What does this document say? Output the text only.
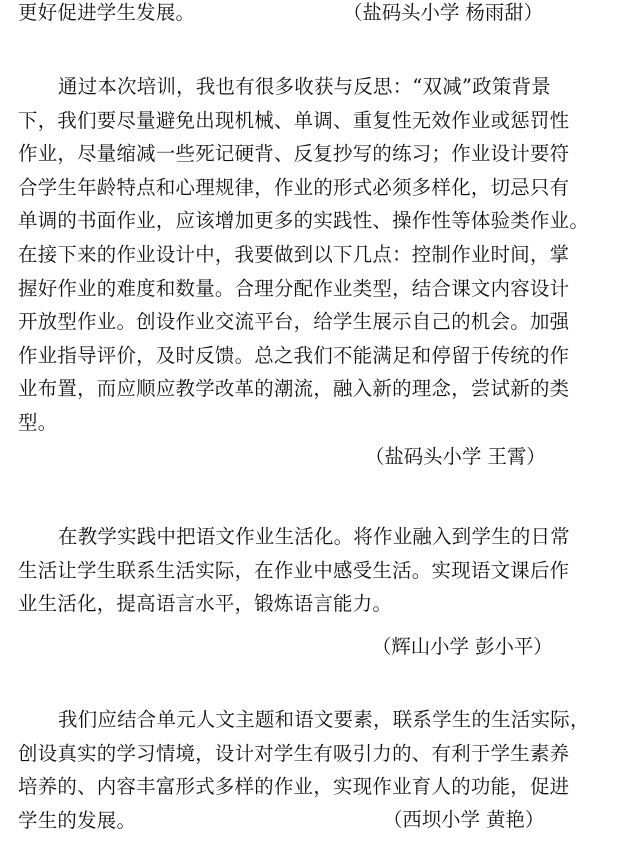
更好促进学生发展。	（盐码头小学 杨雨甜）

通过本次培训，我也有很多收获与反思：“双减”政策背景
下，我们要尽量避免出现机械、单调、重复性无效作业或惩罚性
作业，尽量缩减一些死记硬背、反复抄写的练习；作业设计要符
合学生年龄特点和心理规律，作业的形式必须多样化，切忌只有
单调的书面作业，应该增加更多的实践性、操作性等体验类作业。
在接下来的作业设计中，我要做到以下几点：控制作业时间，掌
握好作业的难度和数量。合理分配作业类型，结合课文内容设计
开放型作业。创设作业交流平台，给学生展示自己的机会。加强
作业指导评价，及时反馈。总之我们不能满足和停留于传统的作
业布置，而应顺应教学改革的潮流，融入新的理念，尝试新的类
型。

（盐码头小学 王霄）

在教学实践中把语文作业生活化。将作业融入到学生的日常
生活让学生联系生活实际，在作业中感受生活。实现语文课后作
业生活化，提高语言水平，锻炼语言能力。

（辉山小学 彭小平）

我们应结合单元人文主题和语文要素，联系学生的生活实际，
创设真实的学习情境，设计对学生有吸引力的、有利于学生素养
培养的、内容丰富形式多样的作业，实现作业育人的功能，促进
学生的发展。	（西坝小学 黄艳）
